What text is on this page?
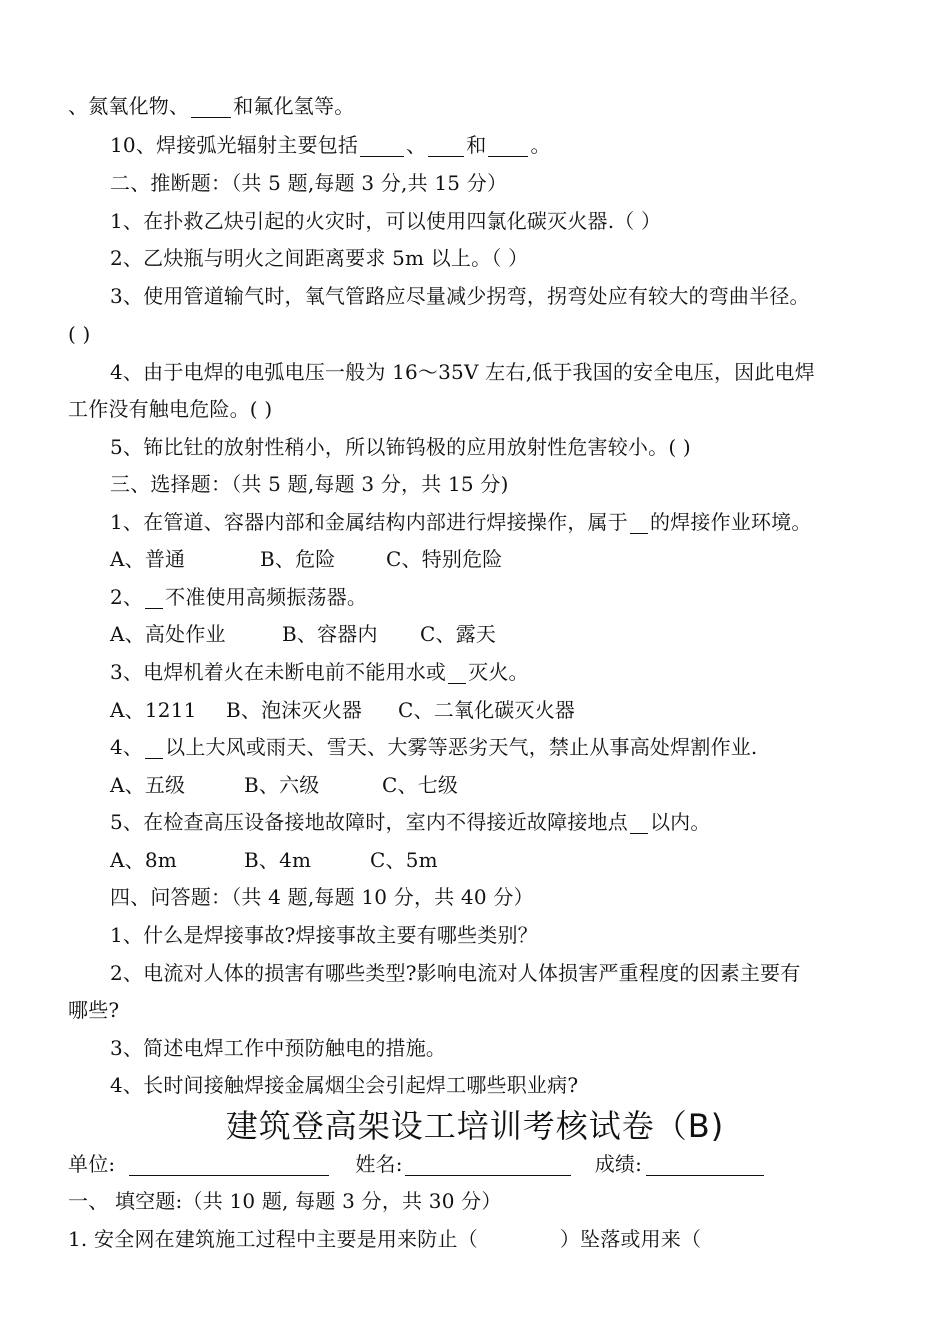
、氮氧化物、 和氟化氢等。
10、焊接弧光辐射主要包括 、 和 。
二、推断题：（共 5 题,每题 3 分,共 15 分）
1、在扑救乙炔引起的火灾时，可以使用四氯化碳灭火器.（ ）
2、乙炔瓶与明火之间距离要求 5m 以上。（ ）
3、使用管道输气时，氧气管路应尽量减少拐弯，拐弯处应有较大的弯曲半径。
( )
4、由于电焊的电弧电压一般为 16～35V 左右,低于我国的安全电压，因此电焊
工作没有触电危险。( )
5、钸比钍的放射性稍小，所以钸钨极的应用放射性危害较小。( )
三、选择题：（共 5 题,每题 3 分，共 15 分)
1、在管道、容器内部和金属结构内部进行焊接操作，属于 的焊接作业环境。
A、普通	B、危险	C、特别危险
2、 不准使用高频振荡器。
A、高处作业	B、容器内 C、露天
3、电焊机着火在未断电前不能用水或 灭火。
A、1211 B、泡沫灭火器 C、二氧化碳灭火器
4、 以上大风或雨天、雪天、大雾等恶劣天气，禁止从事高处焊割作业.
A、五级	B、六级	C、七级
5、在检查高压设备接地故障时，室内不得接近故障接地点 以内。
A、8m	B、4m	C、5m
四、问答题：（共 4 题,每题 10 分，共 40 分）
1、什么是焊接事故?焊接事故主要有哪些类别？
2、电流对人体的损害有哪些类型?影响电流对人体损害严重程度的因素主要有
哪些?
3、简述电焊工作中预防触电的措施。
4、长时间接触焊接金属烟尘会引起焊工哪些职业病?
建筑登高架设工培训考核试卷（B)
单位:	姓名:	成绩:
一、 填空题:（共 10 题, 每题 3 分，共 30 分）
1. 安全网在建筑施工过程中主要是用来防止（	）坠落或用来（
